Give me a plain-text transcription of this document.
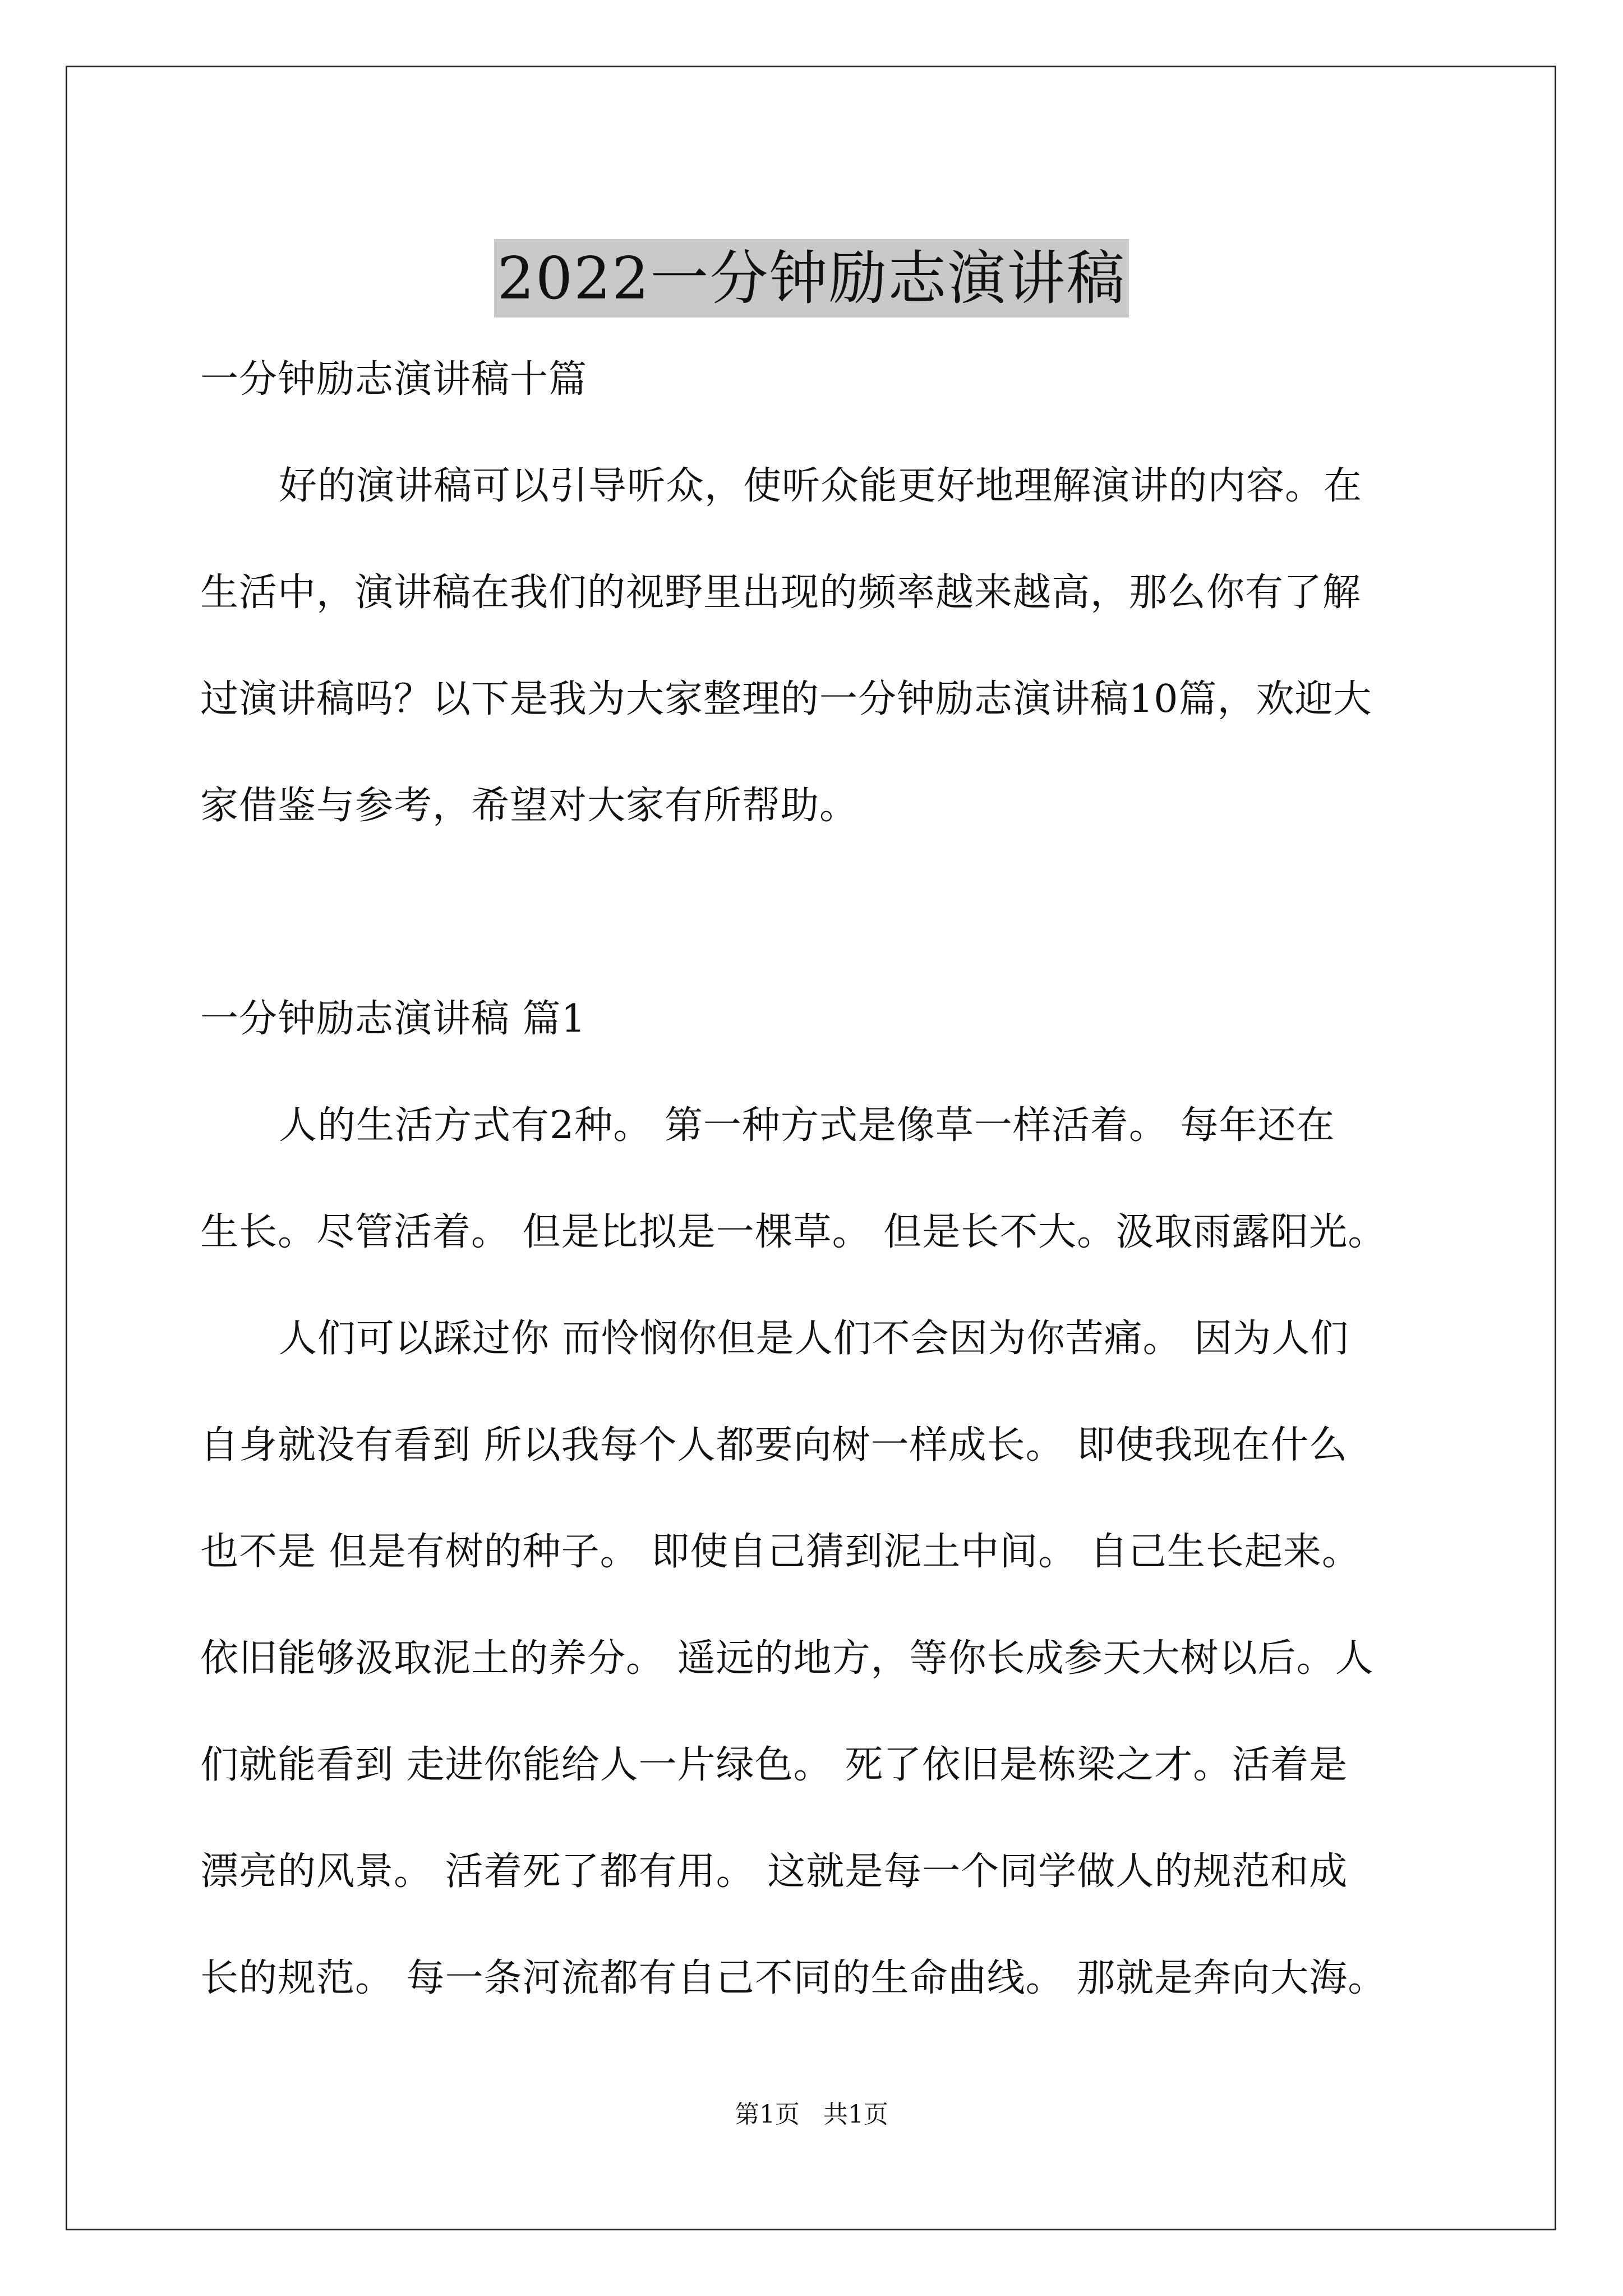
2022一分钟励志演讲稿
一分钟励志演讲稿十篇
好的演讲稿可以引导听众，使听众能更好地理解演讲的内容。在
生活中，演讲稿在我们的视野里出现的频率越来越高，那么你有了解
过演讲稿吗？以下是我为大家整理的一分钟励志演讲稿10篇，欢迎大
家借鉴与参考，希望对大家有所帮助。
一分钟励志演讲稿 篇1
人的生活方式有2种。 第一种方式是像草一样活着。 每年还在
生长。尽管活着。 但是比拟是一棵草。 但是长不大。汲取雨露阳光。
人们可以踩过你 而怜悯你但是人们不会因为你苦痛。 因为人们
自身就没有看到 所以我每个人都要向树一样成长。 即使我现在什么
也不是 但是有树的种子。 即使自己猜到泥土中间。 自己生长起来。
依旧能够汲取泥土的养分。 遥远的地方，等你长成参天大树以后。人
们就能看到 走进你能给人一片绿色。 死了依旧是栋梁之才。活着是
漂亮的风景。 活着死了都有用。 这就是每一个同学做人的规范和成
长的规范。 每一条河流都有自己不同的生命曲线。 那就是奔向大海。
第1页 共1页
